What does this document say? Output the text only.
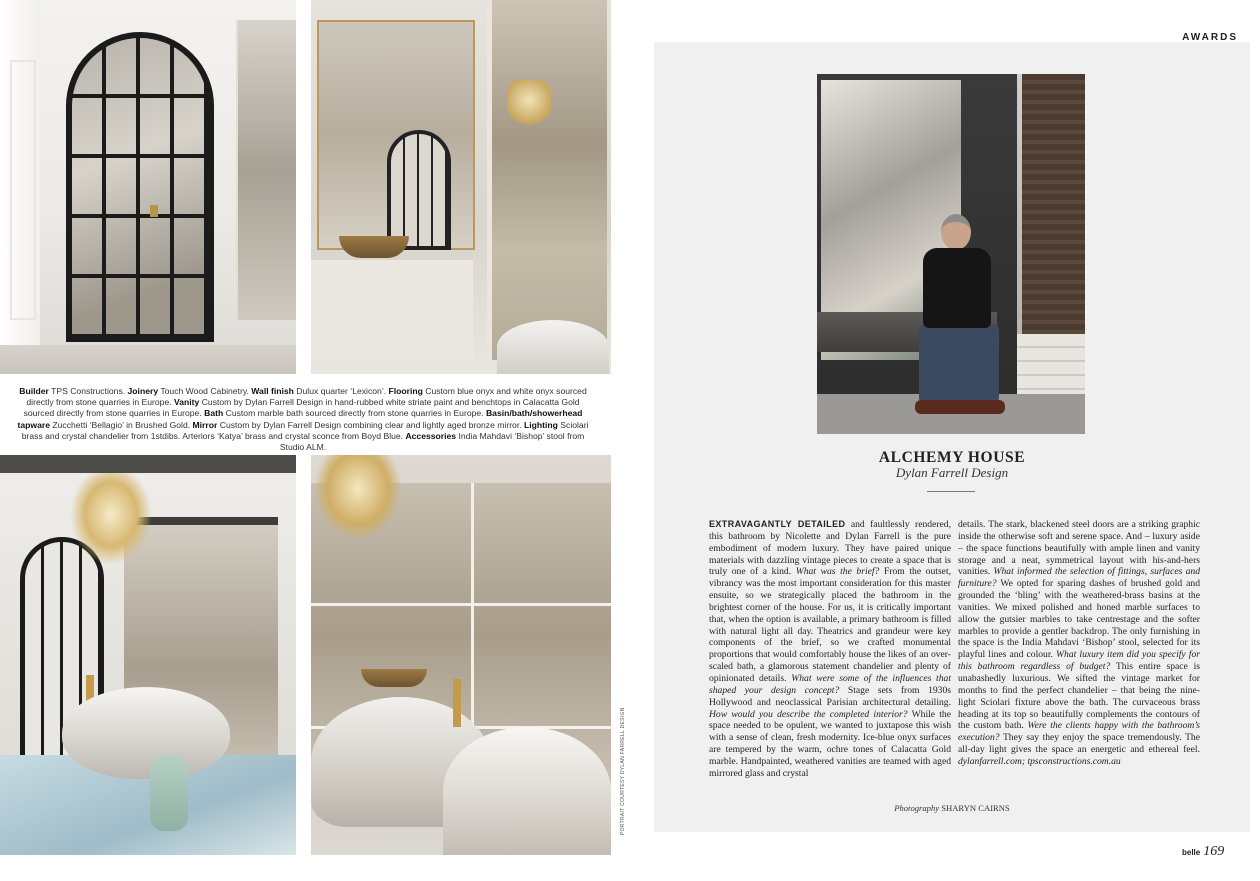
Builder TPS Constructions. Joinery Touch Wood Cabinetry. Wall finish Dulux quarter ‘Lexicon’. Flooring Custom blue onyx and white onyx sourced directly from stone quarries in Europe. Vanity Custom by Dylan Farrell Design in hand-rubbed white striate paint and benchtops in Calacatta Gold sourced directly from stone quarries in Europe. Bath Custom marble bath sourced directly from stone quarries in Europe. Basin/bath/showerhead tapware Zucchetti ‘Bellagio’ in Brushed Gold. Mirror Custom by Dylan Farrell Design combining clear and lightly aged bronze mirror. Lighting Sciolari brass and crystal chandelier from 1stdibs. Arteriors ‘Katya’ brass and crystal sconce from Boyd Blue. Accessories India Mahdavi ‘Bishop’ stool from Studio ALM.

PORTRAIT COURTESY DYLAN FARRELL DESIGN
AWARDS
ALCHEMY HOUSE
Dylan Farrell Design
EXTRAVAGANTLY DETAILED and faultlessly rendered, this bathroom by Nicolette and Dylan Farrell is the pure embodiment of modern luxury. They have paired unique materials with dazzling vintage pieces to create a space that is truly one of a kind. What was the brief? From the outset, vibrancy was the most important consideration for this master ensuite, so we strategically placed the bathroom in the brightest corner of the house. For us, it is critically important that, when the option is available, a primary bathroom is filled with natural light all day. Theatrics and grandeur were key components of the brief, so we crafted monumental proportions that would comfortably house the likes of an over-scaled bath, a glamorous statement chandelier and plenty of opinionated details. What were some of the influences that shaped your design concept? Stage sets from 1930s Hollywood and neoclassical Parisian architectural detailing. How would you describe the completed interior? While the space needed to be opulent, we wanted to juxtapose this wish with a sense of clean, fresh modernity. Ice-blue onyx surfaces are tempered by the warm, ochre tones of Calacatta Gold marble. Handpainted, weathered vanities are teamed with aged mirrored glass and crystal
details. The stark, blackened steel doors are a striking graphic inside the otherwise soft and serene space. And – luxury aside – the space functions beautifully with ample linen and vanity storage and a neat, symmetrical layout with his-and-hers vanities. What informed the selection of fittings, surfaces and furniture? We opted for sparing dashes of brushed gold and grounded the ‘bling’ with the weathered-brass basins at the vanities. We mixed polished and honed marble surfaces to allow the gutsier marbles to take centrestage and the softer marbles to provide a gentler backdrop. The only furnishing in the space is the India Mahdavi ‘Bishop’ stool, selected for its playful lines and colour. What luxury item did you specify for this bathroom regardless of budget? This entire space is unabashedly luxurious. We sifted the vintage market for months to find the perfect chandelier – that being the nine-light Sciolari fixture above the bath. The curvaceous brass heading at its top so beautifully complements the contours of the custom bath. Were the clients happy with the bathroom’s execution? They say they enjoy the space tremendously. The all-day light gives the space an energetic and ethereal feel. dylanfarrell.com; tpsconstructions.com.au
Photography SHARYN CAIRNS
belle 169
